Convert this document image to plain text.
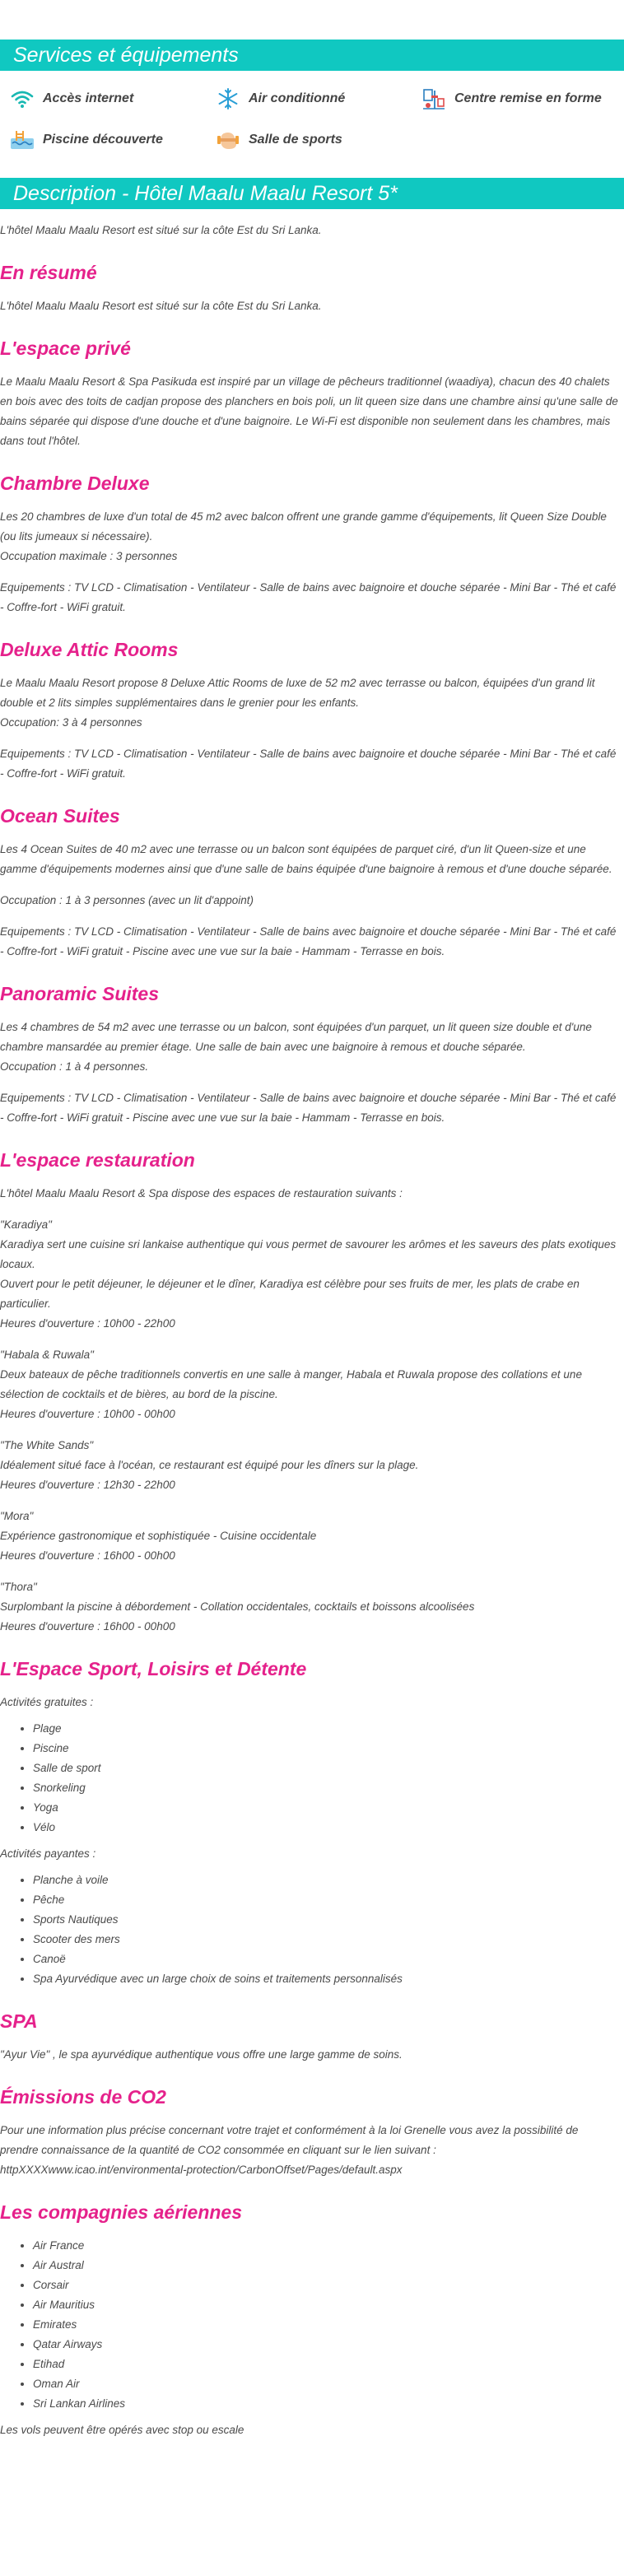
Services et équipements
Accès internet	Air conditionné	Centre remise en forme
Piscine découverte	Salle de sports
Description - Hôtel Maalu Maalu Resort 5*

L'hôtel Maalu Maalu Resort est situé sur la côte Est du Sri Lanka.

En résumé

L'hôtel Maalu Maalu Resort est situé sur la côte Est du Sri Lanka.

L'espace privé

Le Maalu Maalu Resort & Spa Pasikuda est inspiré par un village de pêcheurs traditionnel (waadiya), chacun des 40 chalets en bois avec des toits de cadjan propose des planchers en bois poli, un lit queen size dans une chambre ainsi qu'une salle de bains séparée qui dispose d'une douche et d'une baignoire. Le Wi-Fi est disponible non seulement dans les chambres, mais dans tout l'hôtel.

Chambre Deluxe

Les 20 chambres de luxe d'un total de 45 m2 avec balcon offrent une grande gamme d'équipements, lit Queen Size Double (ou lits jumeaux si nécessaire).
Occupation maximale : 3 personnes

Equipements : TV LCD - Climatisation - Ventilateur - Salle de bains avec baignoire et douche séparée - Mini Bar - Thé et café - Coffre-fort - WiFi gratuit.

Deluxe Attic Rooms

Le Maalu Maalu Resort propose 8 Deluxe Attic Rooms de luxe de 52 m2 avec terrasse ou balcon, équipées d'un grand lit double et 2 lits simples supplémentaires dans le grenier pour les enfants.
Occupation: 3 à 4 personnes

Equipements : TV LCD - Climatisation - Ventilateur - Salle de bains avec baignoire et douche séparée - Mini Bar - Thé et café - Coffre-fort - WiFi gratuit.

Ocean Suites

Les 4 Ocean Suites de 40 m2 avec une terrasse ou un balcon sont équipées de parquet ciré, d'un lit Queen-size et une gamme d'équipements modernes ainsi que d'une salle de bains équipée d'une baignoire à remous et d'une douche séparée.

Occupation : 1 à 3 personnes (avec un lit d'appoint)

Equipements : TV LCD - Climatisation - Ventilateur - Salle de bains avec baignoire et douche séparée - Mini Bar - Thé et café - Coffre-fort - WiFi gratuit - Piscine avec une vue sur la baie - Hammam - Terrasse en bois.

Panoramic Suites

Les 4 chambres de 54 m2 avec une terrasse ou un balcon, sont équipées d'un parquet, un lit queen size double et d'une chambre mansardée au premier étage. Une salle de bain avec une baignoire à remous et douche séparée.
Occupation : 1 à 4 personnes.

Equipements : TV LCD - Climatisation - Ventilateur - Salle de bains avec baignoire et douche séparée - Mini Bar - Thé et café - Coffre-fort - WiFi gratuit - Piscine avec une vue sur la baie - Hammam - Terrasse en bois.

L'espace restauration

L'hôtel Maalu Maalu Resort & Spa dispose des espaces de restauration suivants :

"Karadiya"
Karadiya sert une cuisine sri lankaise authentique qui vous permet de savourer les arômes et les saveurs des plats exotiques locaux.
Ouvert pour le petit déjeuner, le déjeuner et le dîner, Karadiya est célèbre pour ses fruits de mer, les plats de crabe en particulier.
Heures d'ouverture : 10h00 - 22h00

"Habala & Ruwala"
Deux bateaux de pêche traditionnels convertis en une salle à manger, Habala et Ruwala propose des collations et une sélection de cocktails et de bières, au bord de la piscine.
Heures d'ouverture : 10h00 - 00h00

"The White Sands"
Idéalement situé face à l'océan, ce restaurant est équipé pour les dîners sur la plage.
Heures d'ouverture : 12h30 - 22h00

"Mora"
Expérience gastronomique et sophistiquée - Cuisine occidentale
Heures d'ouverture : 16h00 - 00h00

"Thora"
Surplombant la piscine à débordement - Collation occidentales, cocktails et boissons alcoolisées
Heures d'ouverture : 16h00 - 00h00

L'Espace Sport, Loisirs et Détente

Activités gratuites :

• Plage
• Piscine
• Salle de sport
• Snorkeling
• Yoga
• Vélo

Activités payantes :

• Planche à voile
• Pêche
• Sports Nautiques
• Scooter des mers
• Canoë
• Spa Ayurvédique avec un large choix de soins et traitements personnalisés
SPA

"Ayur Vie" , le spa ayurvédique authentique vous offre une large gamme de soins.

Émissions de CO2

Pour une information plus précise concernant votre trajet et conformément à la loi Grenelle vous avez la possibilité de prendre connaissance de la quantité de CO2 consommée en cliquant sur le lien suivant :
httpXXXXwww.icao.int/environmental-protection/CarbonOffset/Pages/default.aspx

Les compagnies aériennes
• Air France
• Air Austral
• Corsair
• Air Mauritius
• Emirates
• Qatar Airways
• Etihad
• Oman Air
• Sri Lankan Airlines

Les vols peuvent être opérés avec stop ou escale
